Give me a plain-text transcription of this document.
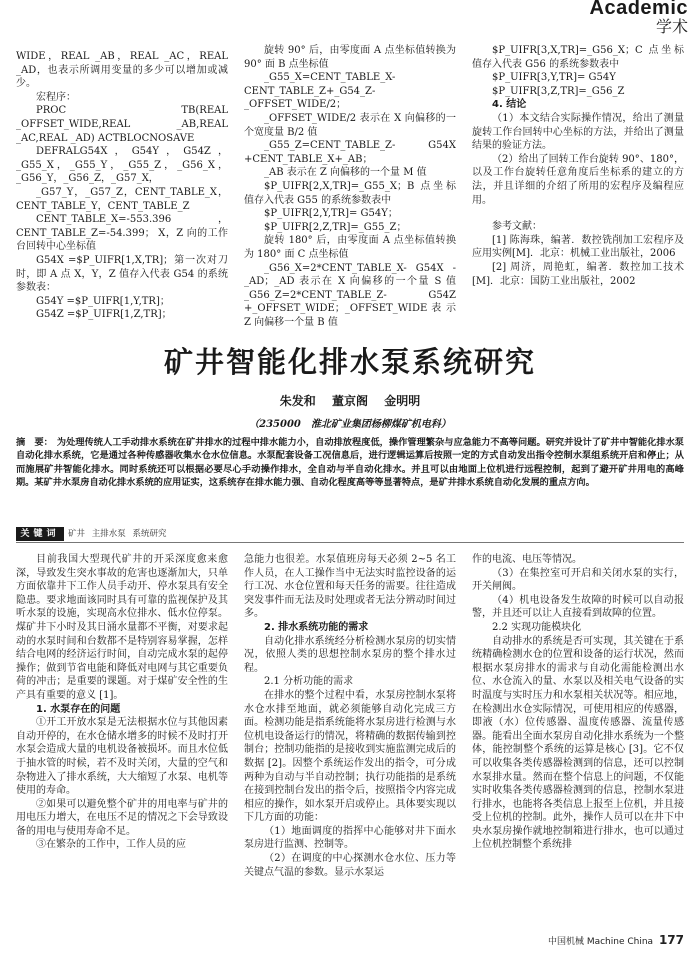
Academic
学术

WIDE，REAL _AB，REAL _AC，REAL _AD，也表示所调用变量的多少可以增加或减少。

宏程序：

PROC TB(REAL _OFFSET_WIDE,REAL _AB,REAL _AC,REAL _AD) ACTBLOCNOSAVE

DEFRALG54X，G54Y，G54Z，_G55_X，_G55_Y，_G55_Z，_G56_X，_G56_Y，_G56_Z，_G57_X，

_G57_Y，_G57_Z，CENT_TABLE_X，CENT_TABLE_Y，CENT_TABLE_Z

CENT_TABLE_X=-553.396，CENT_TABLE_Z=-54.399； X，Z 向的工作台回转中心坐标值

G54X =$P_UIFR[1,X,TR]；第一次对刀时，即 A 点 X，Y，Z 值存入代表 G54 的系统参数表：

G54Y =$P_UIFR[1,Y,TR]；

G54Z =$P_UIFR[1,Z,TR]；

旋转 90° 后，由零度面 A 点坐标值转换为 90° 面 B 点坐标值

_G55_X=CENT_TABLE_X-CENT_TABLE_Z+_G54_Z-_OFFSET_WIDE/2；

_OFFSET_WIDE/2 表示在 X 向偏移的一个宽度量 B/2 值

_G55_Z=CENT_TABLE_Z- G54X +CENT_TABLE_X+_AB；

_AB 表示在 Z 向偏移的一个量 M 值

$P_UIFR[2,X,TR]=_G55_X；B 点坐标值存入代表 G55 的系统参数表中

$P_UIFR[2,Y,TR]= G54Y；

$P_UIFR[2,Z,TR]=_G55_Z；

旋转 180° 后，由零度面 A 点坐标值转换为 180° 面 C 点坐标值

_G56_X=2*CENT_TABLE_X- G54X -_AD；_AD 表示在 X 向偏移的一个量 S 值 _G56_Z=2*CENT_TABLE_Z- G54Z +_OFFSET_WIDE；_OFFSET_WIDE 表 示 Z 向偏移一个量 B 值

$P_UIFR[3,X,TR]=_G56_X；C 点坐标值存入代表 G56 的系统参数表中

$P_UIFR[3,Y,TR]= G54Y

$P_UIFR[3,Z,TR]=_G56_Z

4. 结论

（1）本文结合实际操作情况，给出了测量旋转工作台回转中心坐标的方法，并给出了测量结果的验证方法。

（2）给出了回转工作台旋转 90°、180°，以及工作台旋转任意角度后坐标系的建立的方法，并且详细的介绍了所用的宏程序及编程应用。

参考文献：

[1] 陈海珠，编著．数控铣削加工宏程序及应用实例[M]．北京：机械工业出版社，2006

[2] 周济，周艳虹，编著．数控加工技术[M]．北京：国防工业出版社，2002

矿井智能化排水泵系统研究
朱发和 董京阁 金明明
（235000　淮北矿业集团杨柳煤矿机电科）

摘　要： 为处理传统人工手动排水系统在矿井排水的过程中排水能力小，自动排放程度低，操作管理繁杂与应急能力不高等问题。研究并设计了矿井中智能化排水泵自动化排水系统，它是通过各种传感器收集水仓水位信息。水泵配套设备工况信息后，进行逻辑运算后按照一定的方式自动发出指令控制水泵组系统开启和停止；从而施展矿井智能化排水。同时系统还可以根据必要尽心手动操作排水，全自动与半自动化排水。并且可以由地面上位机进行远程控制，起到了避开矿井用电的高峰期。某矿井水泵房自动化排水系统的应用证实，这系统存在排水能力强、自动化程度高等等显著特点，是矿井排水系统自动化发展的重点方向。

关键词	矿井 主排水泵 系统研究

目前我国大型现代矿井的开采深度愈来愈深，导致发生突水事故的危害也逐渐加大，只单方面依靠井下工作人员手动开、停水泵具有安全隐患。要求地面该同时具有可靠的监视保护及其听水泵的设施，实现高水位排水、低水位停泵。煤矿井下小时及其日涌水量都不平衡，对要求起动的水泵时间和台数都不是特别容易掌握，怎样结合电网的经济运行时间，自动完成水泵的起停操作；做到节省电能和降低对电网与其它重要负荷的冲击；是重要的课题。对于煤矿安全性的生产具有重要的意义 [1]。

1. 水泵存在的问题

①开工开放水泵是无法根据水位与其他因素自动开停的，在水仓储水增多的时候不及时打开水泵会造成大量的电机设备被损坏。而且水位低于抽水管的时候，若不及时关闭，大量的空气和杂物进入了排水系统，大大缩短了水泵、电机等使用的寿命。

②如果可以避免整个矿井的用电率与矿井的用电压力增大，在电压不足的情况之下会导致设备的用电与使用寿命不足。

③在繁杂的工作中，工作人员的应

急能力也很差。水泵值班房每天必须 2~5 名工作人员，在人工操作当中无法实时监控设备的运行工况、水仓位置和每天任务的需要。往往造成突发事件而无法及时处理或者无法分辨动时间过多。

2. 排水系统功能的需求

自动化排水系统经分析检测水泵房的切实情况，依照人类的思想控制水泵房的整个排水过程。

2.1 分析功能的需求

在排水的整个过程中看，水泵房控制水泵将水仓水排至地面，就必须能够自动化完成三方面。检测功能是指系统能将水泵房进行检测与水位机电设备运行的情况，将精确的数据传输到控制台；控制功能指的是接收到实施监测完成后的数据 [2]。因整个系统运作发出的指令，可分成两种为自动与半自动控制；执行功能指的是系统在接到控制台发出的指令后，按照指令内容完成相应的操作，如水泵开启或停止。具体要实现以下几方面的功能：

（1）地面调度的指挥中心能够对井下面水泵房进行监测、控制等。

（2）在调度的中心探测水仓水位、压力等关键点气温的参数。显示水泵运

作的电流、电压等情况。

（3）在集控室可开启和关闭水泵的实行，开关闸阀。

（4）机电设备发生故障的时候可以自动报警，并且还可以让人直接看到故障的位置。

2.2 实现功能模块化

自动排水的系统是否可实现，其关键在于系统精确检测水仓的位置和设备的运行状况，然而根据水泵房排水的需求与自动化需能检测出水位、水仓流入的量、水泵以及相关电气设备的实时温度与实时压力和水泵相关状况等。相应地，在检测出水仓实际情况，可使用相应的传感器，即液（水）位传感器、温度传感器、流量传感器。能看出全面水泵房自动化排水系统为一个整体，能控制整个系统的运算是核心 [3]。它不仅可以收集各类传感器检测到的信息，还可以控制水泵排水量。然而在整个信息上的问题，不仅能实时收集各类传感器检测到的信息，控制水泵进行排水，也能将各类信息上报至上位机，并且接受上位机的控制。此外，操作人员可以在井下中央水泵房操作就地控制箱进行排水，也可以通过上位机控制整个系统排

中国机械 Machine China 177
